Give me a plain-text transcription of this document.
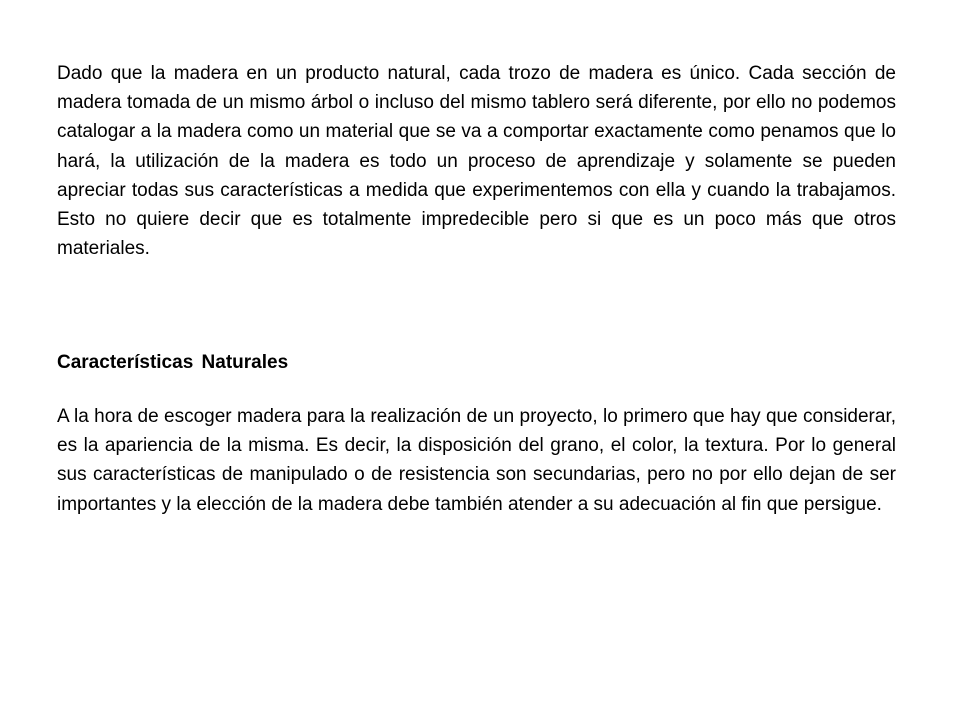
Dado que la madera en un producto natural, cada trozo de madera es único. Cada sección de madera tomada de un mismo árbol o incluso del mismo tablero será diferente, por ello no podemos catalogar a la madera como un material que se va a comportar exactamente como penamos que lo hará, la utilización de la madera es todo un proceso de aprendizaje y solamente se pueden apreciar todas sus características a medida que experimentemos con ella y cuando la trabajamos. Esto no quiere decir que es totalmente impredecible pero si que es un poco más que otros materiales.

Características Naturales

A la hora de escoger madera para la realización de un proyecto, lo primero que hay que considerar, es la apariencia de la misma. Es decir, la disposición del grano, el color, la textura. Por lo general sus características de manipulado o de resistencia son secundarias, pero no por ello dejan de ser importantes y la elección de la madera debe también atender a su adecuación al fin que persigue.
